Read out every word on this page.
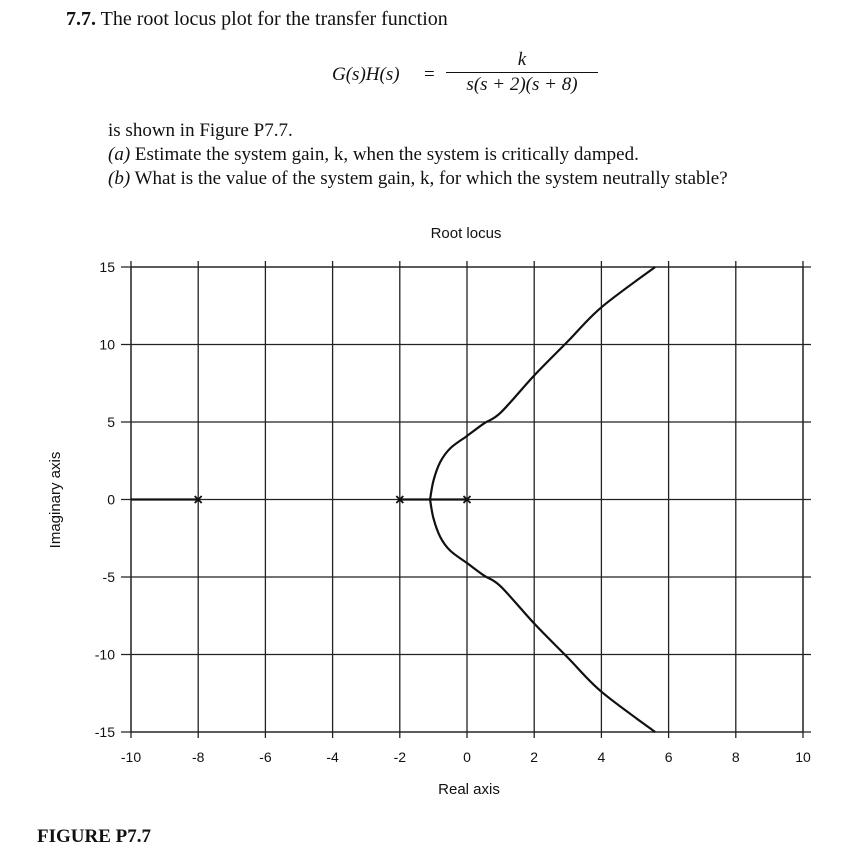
7.7. The root locus plot for the transfer function
G(s)H(s) =
k
s(s + 2)(s + 8)
is shown in Figure P7.7.
(a) Estimate the system gain, k, when the system is critically damped.
(b) What is the value of the system gain, k, for which the system neutrally stable?
Root locus
Real axis
Imaginary axis
-10	-8	-6	-4	-2	0	2	4	6	8	10
15
10
5
0
-5
-10
-15
FIGURE P7.7
